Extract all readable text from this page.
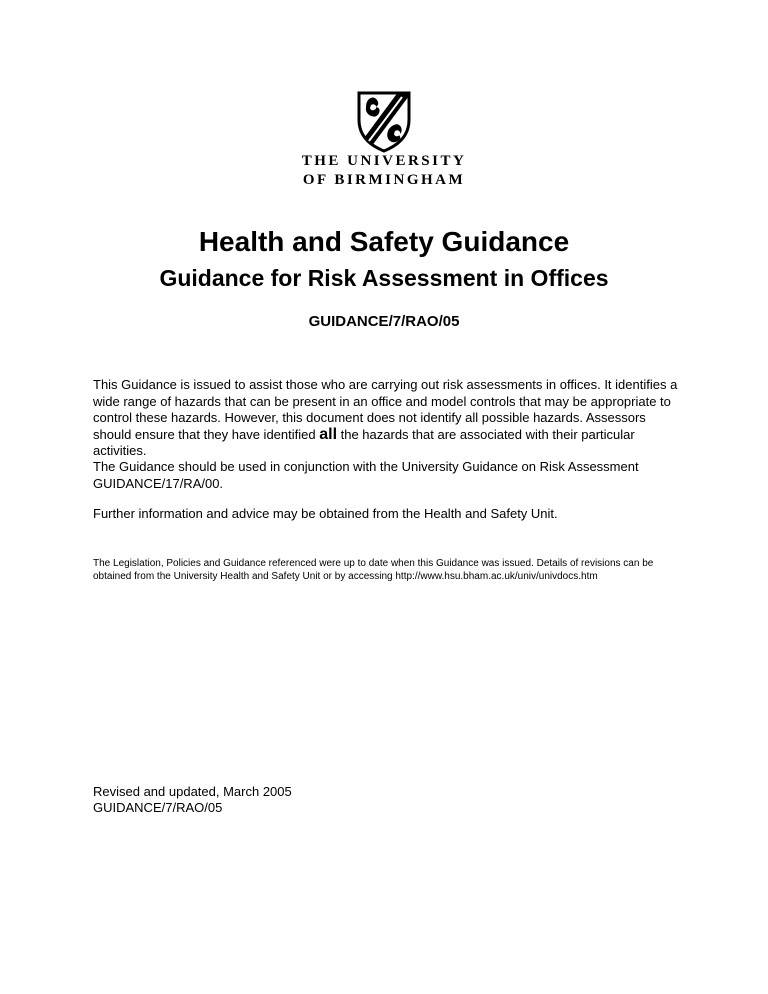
THE UNIVERSITY
OF BIRMINGHAM
Health and Safety Guidance
Guidance for Risk Assessment in Offices
GUIDANCE/7/RAO/05

This Guidance is issued to assist those who are carrying out risk assessments in offices. It identifies a wide range of hazards that can be present in an office and model controls that may be appropriate to control these hazards. However, this document does not identify all possible hazards. Assessors should ensure that they have identified all the hazards that are associated with their particular activities.

The Guidance should be used in conjunction with the University Guidance on Risk Assessment GUIDANCE/17/RA/00.

Further information and advice may be obtained from the Health and Safety Unit.

The Legislation, Policies and Guidance referenced were up to date when this Guidance was issued. Details of revisions can be obtained from the University Health and Safety Unit or by accessing http://www.hsu.bham.ac.uk/univ/univdocs.htm

Revised and updated, March 2005
GUIDANCE/7/RAO/05
